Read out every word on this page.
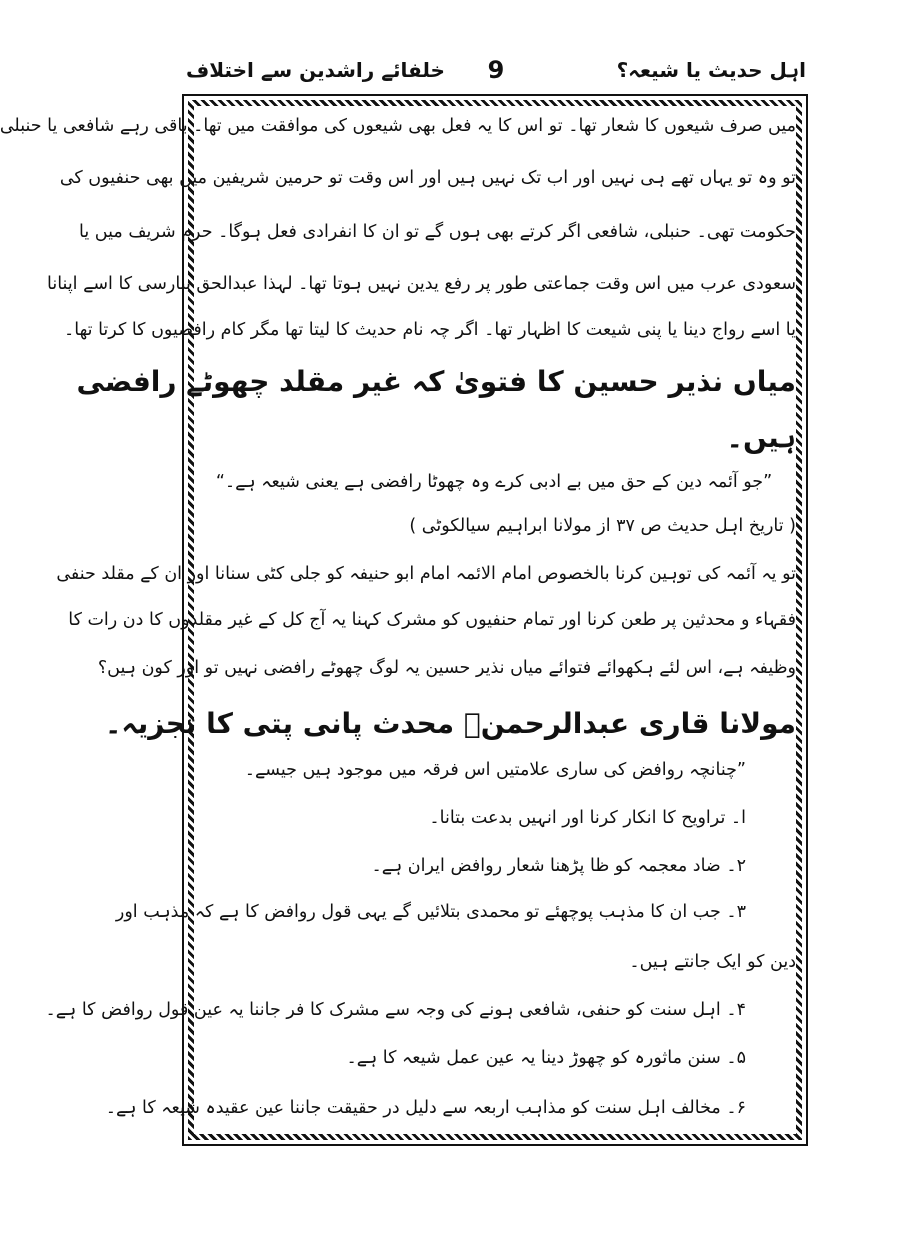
اہل حدیث یا شیعہ؟
9
خلفائے راشدین سے اختلاف
میں صرف شیعوں کا شعار تھا۔ تو اس کا یہ فعل بھی شیعوں کی موافقت میں تھا۔ باقی رہے شافعی یا حنبلی
تو وہ تو یہاں تھے ہی نہیں اور اب تک نہیں ہیں اور اس وقت تو حرمین شریفین میں بھی حنفیوں کی
حکومت تھی۔ حنبلی، شافعی اگر کرتے بھی ہوں گے تو ان کا انفرادی فعل ہوگا۔ حرم شریف میں یا
سعودی عرب میں اس وقت جماعتی طور پر رفع یدین نہیں ہوتا تھا۔ لہذا عبدالحق بنارسی کا اسے اپنانا
یا اسے رواج دینا یا پنی شیعت کا اظہار تھا۔ اگر چہ نام حدیث کا لیتا تھا مگر کام رافضیوں کا کرتا تھا۔
میاں نذیر حسین کا فتویٰ کہ غیر مقلد چھوٹے رافضی
ہیں۔
”جو آئمہ دین کے حق میں بے ادبی کرے وہ چھوٹا رافضی ہے یعنی شیعہ ہے۔“
( تاریخ اہل حدیث ص ۳۷ از مولانا ابراہیم سیالکوٹی )
تو یہ آئمہ کی توہین کرنا بالخصوص امام الائمہ امام ابو حنیفہ کو جلی کٹی سنانا اور ان کے مقلد حنفی
فقہاء و محدثین پر طعن کرنا اور تمام حنفیوں کو مشرک کہنا یہ آج کل کے غیر مقلدوں کا دن رات کا
وظیفہ ہے، اس لئے ہکھوائے فتوائے میاں نذیر حسین یہ لوگ چھوٹے رافضی نہیں تو اور کون ہیں؟
مولانا قاری عبدالرحمنؒ محدث پانی پتی کا تجزیہ۔
”چنانچہ روافض کی ساری علامتیں اس فرقہ میں موجود ہیں جیسے۔
ا۔ تراویح کا انکار کرنا اور انہیں بدعت بتانا۔
۲۔ ضاد معجمہ کو ظا پڑھنا شعار روافض ایران ہے۔
۳۔ جب ان کا مذہب پوچھئے تو محمدی بتلائیں گے یہی قول روافض کا ہے کہ مذہب اور
دین کو ایک جانتے ہیں۔
۴۔ اہل سنت کو حنفی، شافعی ہونے کی وجہ سے مشرک کا فر جاننا یہ عین قول روافض کا ہے۔
۵۔ سنن ماثورہ کو چھوڑ دینا یہ عین عمل شیعہ کا ہے۔
۶۔ مخالف اہل سنت کو مذاہب اربعہ سے دلیل در حقیقت جاننا عین عقیدہ شیعہ کا ہے۔
